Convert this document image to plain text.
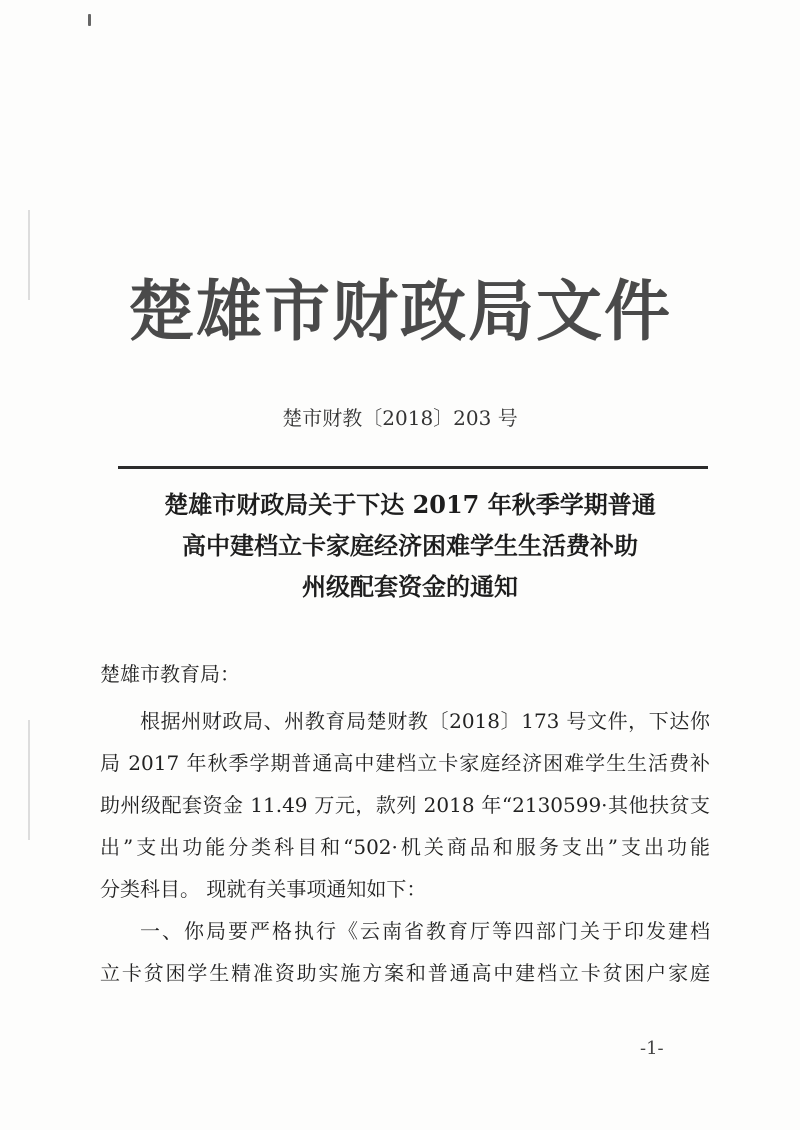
楚雄市财政局文件
楚市财教〔2018〕203 号
楚雄市财政局关于下达 2017 年秋季学期普通
高中建档立卡家庭经济困难学生生活费补助
州级配套资金的通知
楚雄市教育局：
根据州财政局、州教育局楚财教〔2018〕173 号文件，下达你
局 2017 年秋季学期普通高中建档立卡家庭经济困难学生生活费补
助州级配套资金 11.49 万元，款列 2018 年“2130599·其他扶贫支
出”支出功能分类科目和“502·机关商品和服务支出”支出功能
分类科目。 现就有关事项通知如下：
一、你局要严格执行《云南省教育厅等四部门关于印发建档
立卡贫困学生精准资助实施方案和普通高中建档立卡贫困户家庭
-1-
